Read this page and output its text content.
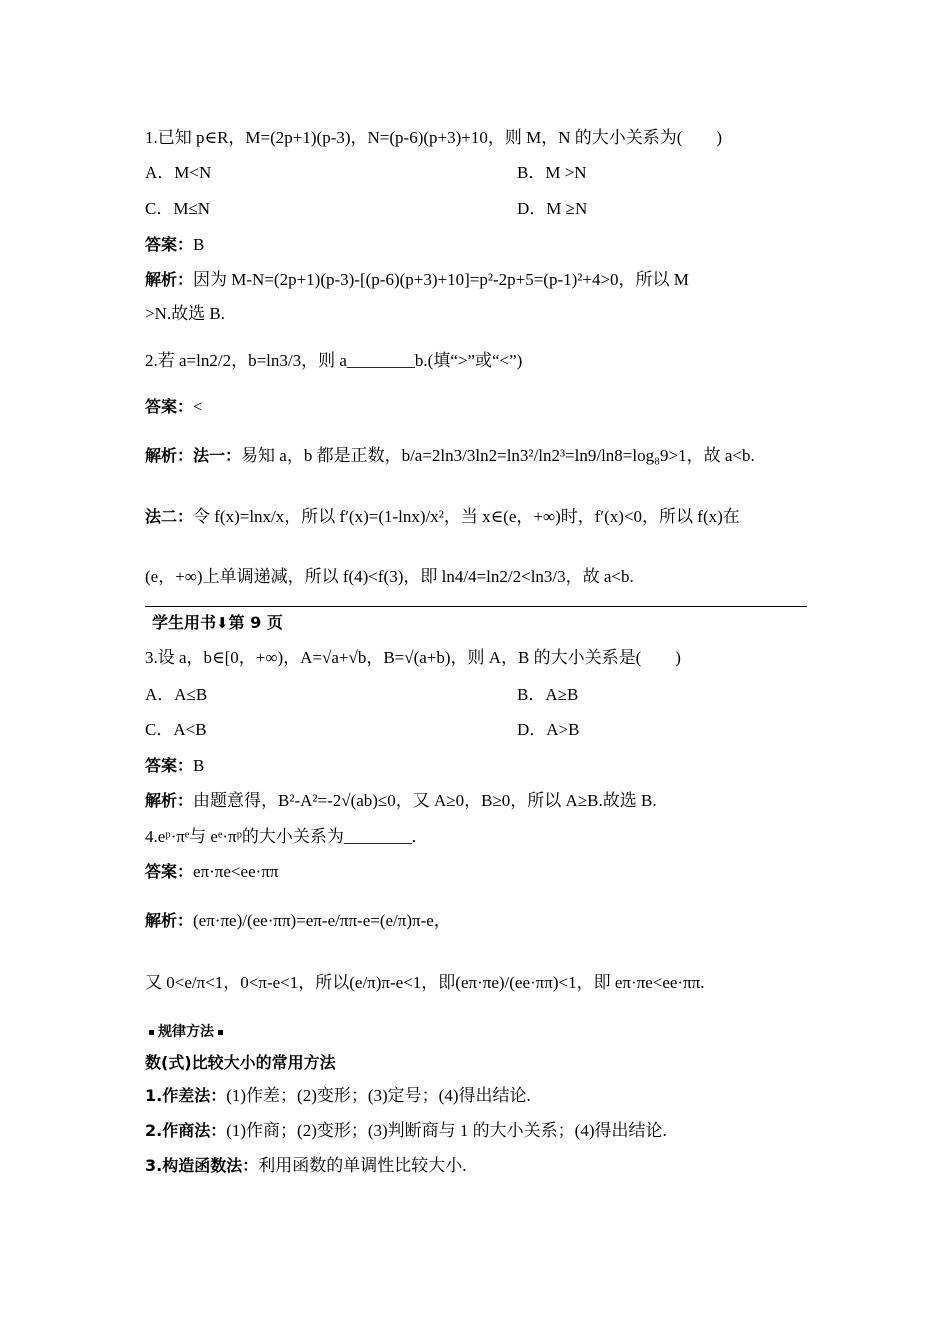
1.已知 p∈R，M=(2p+1)(p-3)，N=(p-6)(p+3)+10，则 M，N 的大小关系为(　　)
A．M<N	B．M >N
C．M≤N	D．M ≥N
答案：B
解析：因为 M-N=(2p+1)(p-3)-[(p-6)(p+3)+10]=p²-2p+5=(p-1)²+4>0，所以 M
>N.故选 B.
2.若 a=ln2/2，b=ln3/3，则 a________b.(填“>”或“<”)
答案：<
解析：法一：易知 a，b 都是正数，b/a=2ln3/3ln2=ln3²/ln2³=ln9/ln8=log₈9>1，故 a<b.
法二：令 f(x)=lnx/x，所以 f′(x)=(1-lnx)/x²，当 x∈(e，+∞)时，f′(x)<0，所以 f(x)在
(e，+∞)上单调递减，所以 f(4)<f(3)，即 ln4/4=ln2/2<ln3/3，故 a<b.
学生用书⬇第 9 页
3.设 a，b∈[0，+∞)，A=√a+√b，B=√(a+b)，则 A，B 的大小关系是(　　)
A．A≤B	B．A≥B
C．A<B	D．A>B
答案：B
解析：由题意得，B²-A²=-2√(ab)≤0，又 A≥0，B≥0，所以 A≥B.故选 B.
4.eᵖ·πᵉ与 eᵉ·πᵖ的大小关系为________.
答案：eπ·πe<ee·ππ
解析：(eπ·πe)/(ee·ππ)=eπ-e/ππ-e=(e/π)π-e，
又 0<e/π<1，0<π-e<1，所以(e/π)π-e<1，即(eπ·πe)/(ee·ππ)<1，即 eπ·πe<ee·ππ.
规律方法
数(式)比较大小的常用方法
1.作差法：(1)作差；(2)变形；(3)定号；(4)得出结论.
2.作商法：(1)作商；(2)变形；(3)判断商与 1 的大小关系；(4)得出结论.
3.构造函数法：利用函数的单调性比较大小.
